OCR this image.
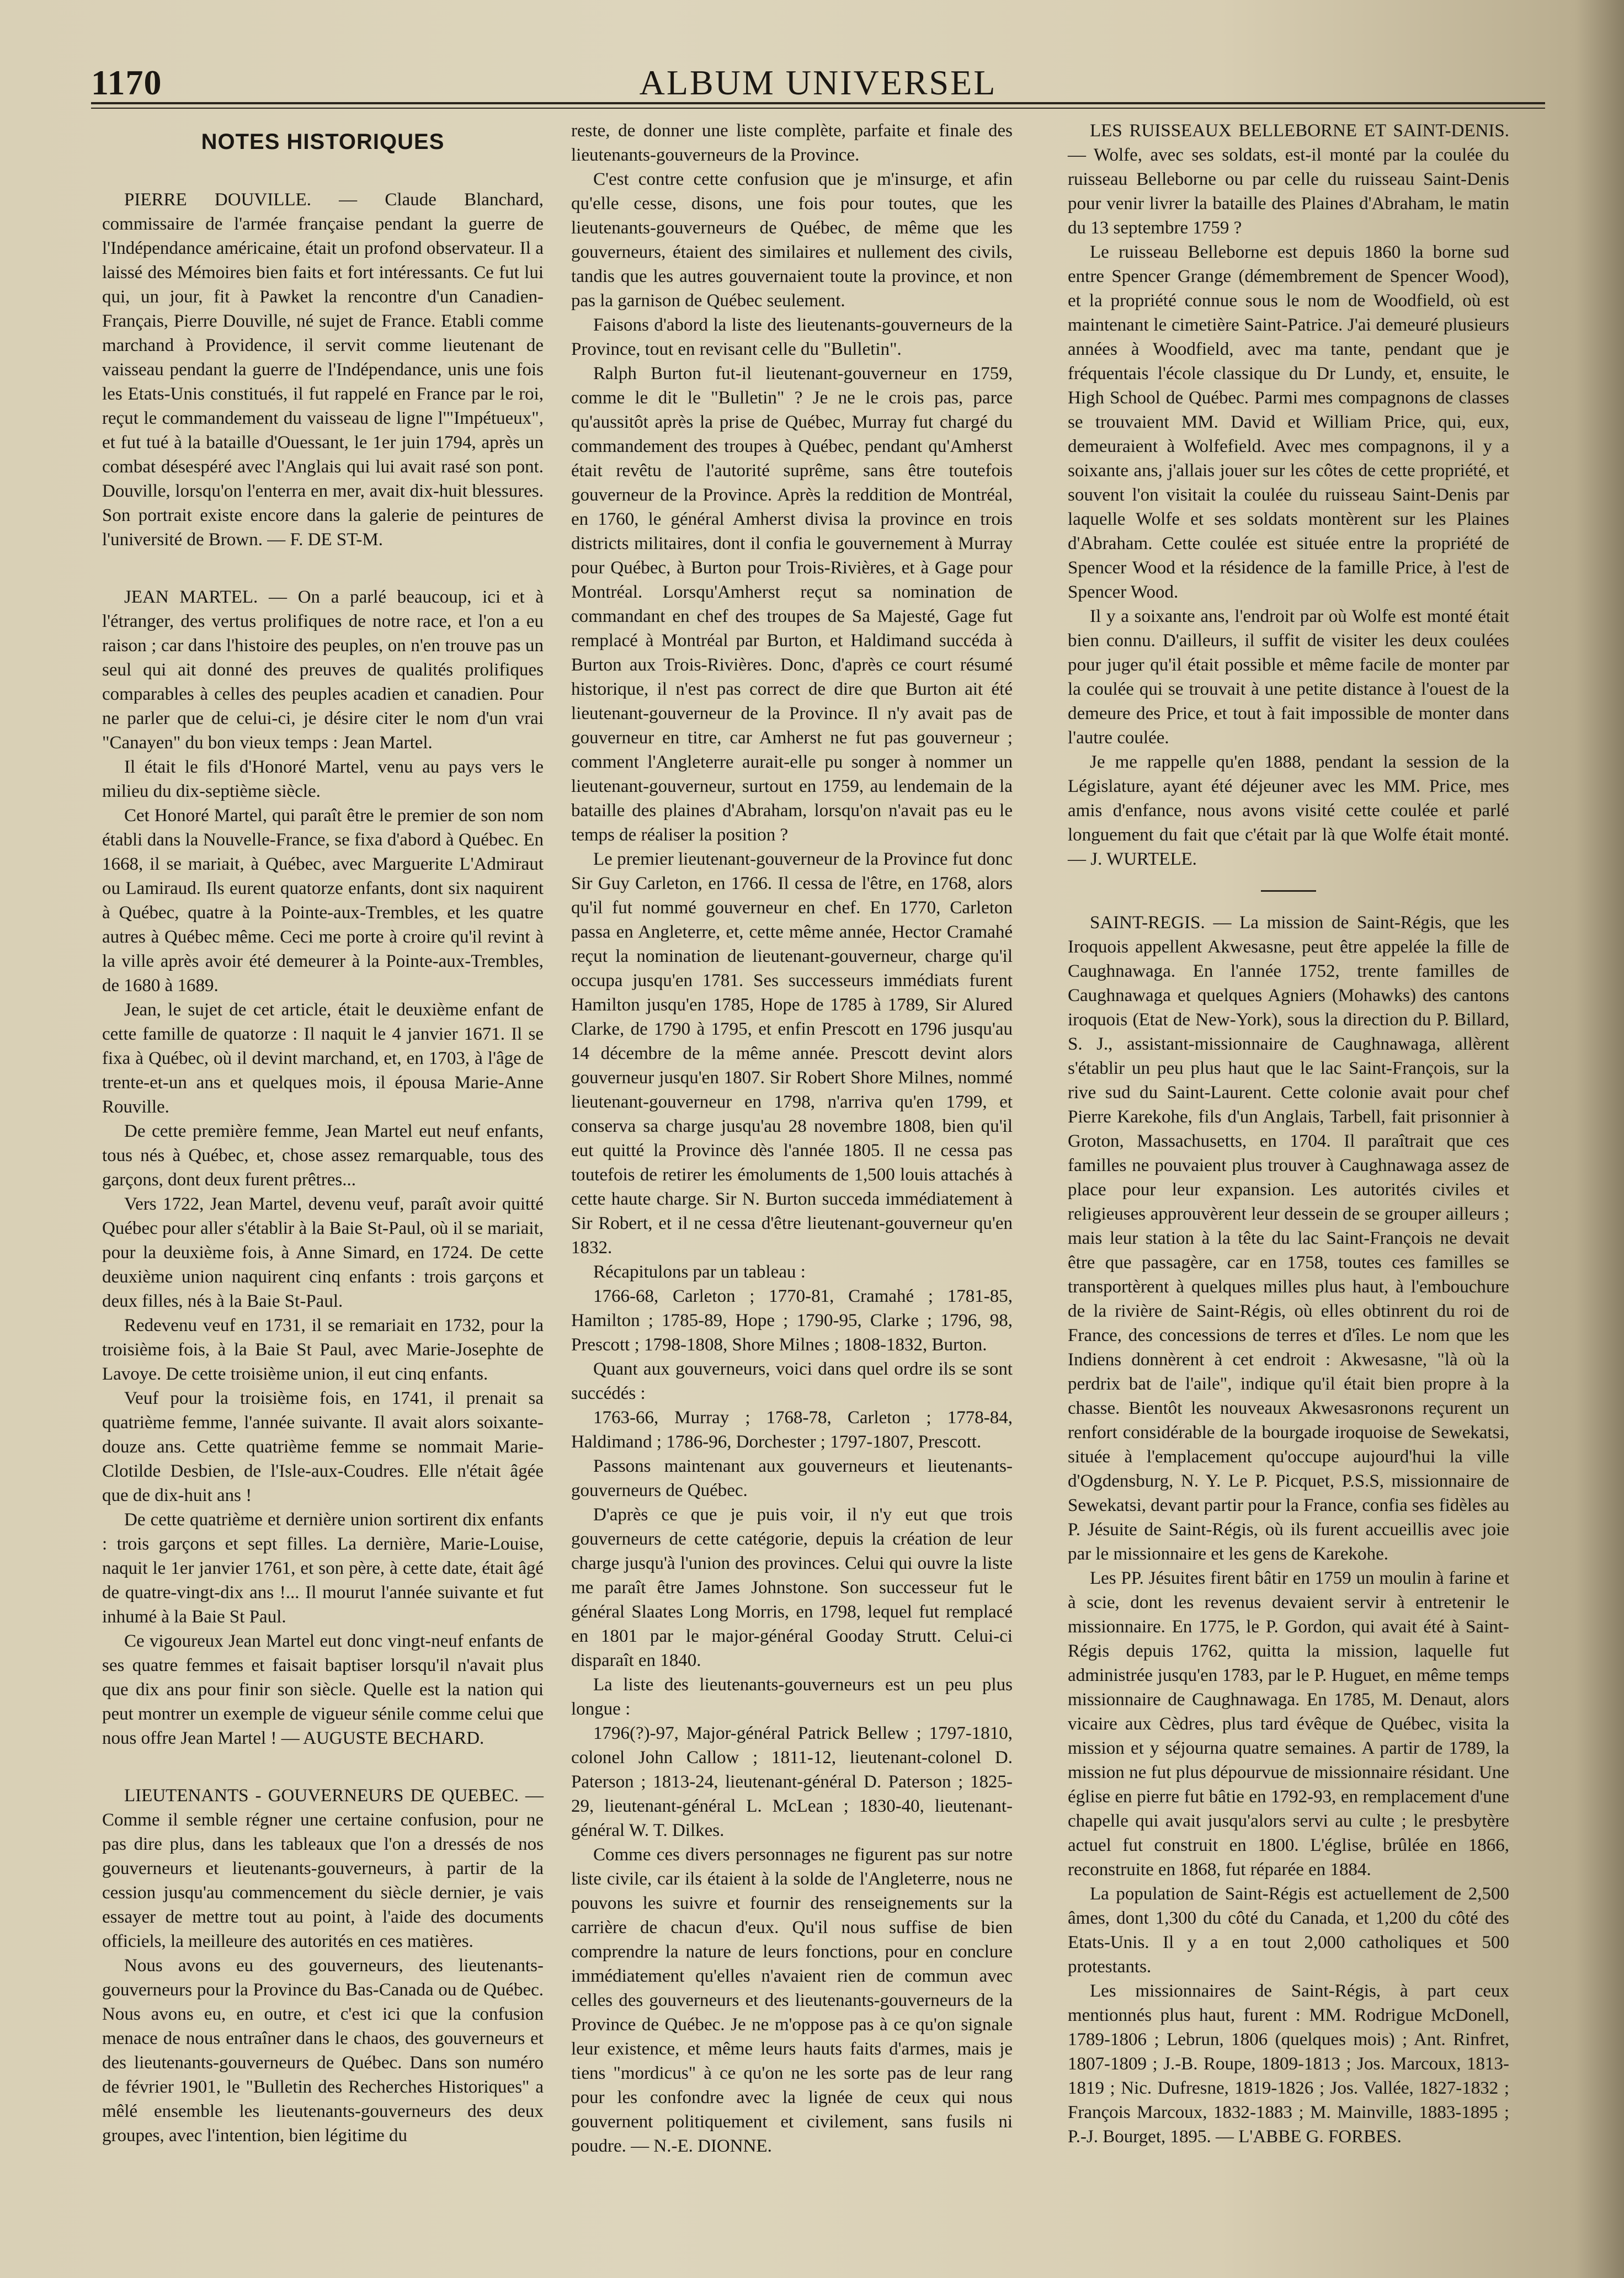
1170	ALBUM UNIVERSEL
NOTES HISTORIQUES

PIERRE DOUVILLE. — Claude Blanchard, commissaire de l'armée française pendant la guerre de l'Indépendance américaine, était un profond observateur. Il a laissé des Mémoires bien faits et fort intéressants. Ce fut lui qui, un jour, fit à Pawket la rencontre d'un Canadien-Français, Pierre Douville, né sujet de France. Etabli comme marchand à Providence, il servit comme lieutenant de vaisseau pendant la guerre de l'Indépendance, unis une fois les Etats-Unis constitués, il fut rappelé en France par le roi, reçut le commandement du vaisseau de ligne l'"Impétueux", et fut tué à la bataille d'Ouessant, le 1er juin 1794, après un combat désespéré avec l'Anglais qui lui avait rasé son pont. Douville, lorsqu'on l'enterra en mer, avait dix-huit blessures. Son portrait existe encore dans la galerie de peintures de l'université de Brown. — F. DE ST-M.

JEAN MARTEL. — On a parlé beaucoup, ici et à l'étranger, des vertus prolifiques de notre race, et l'on a eu raison ; car dans l'histoire des peuples, on n'en trouve pas un seul qui ait donné des preuves de qualités prolifiques comparables à celles des peuples acadien et canadien. Pour ne parler que de celui-ci, je désire citer le nom d'un vrai "Canayen" du bon vieux temps : Jean Martel.

Il était le fils d'Honoré Martel, venu au pays vers le milieu du dix-septième siècle.

Cet Honoré Martel, qui paraît être le premier de son nom établi dans la Nouvelle-France, se fixa d'abord à Québec. En 1668, il se mariait, à Québec, avec Marguerite L'Admiraut ou Lamiraud. Ils eurent quatorze enfants, dont six naquirent à Québec, quatre à la Pointe-aux-Trembles, et les quatre autres à Québec même. Ceci me porte à croire qu'il revint à la ville après avoir été demeurer à la Pointe-aux-Trembles, de 1680 à 1689.

Jean, le sujet de cet article, était le deuxième enfant de cette famille de quatorze : Il naquit le 4 janvier 1671. Il se fixa à Québec, où il devint marchand, et, en 1703, à l'âge de trente-et-un ans et quelques mois, il épousa Marie-Anne Rouville.

De cette première femme, Jean Martel eut neuf enfants, tous nés à Québec, et, chose assez remarquable, tous des garçons, dont deux furent prêtres...

Vers 1722, Jean Martel, devenu veuf, paraît avoir quitté Québec pour aller s'établir à la Baie St-Paul, où il se mariait, pour la deuxième fois, à Anne Simard, en 1724. De cette deuxième union naquirent cinq enfants : trois garçons et deux filles, nés à la Baie St-Paul.

Redevenu veuf en 1731, il se remariait en 1732, pour la troisième fois, à la Baie St Paul, avec Marie-Josephte de Lavoye. De cette troisième union, il eut cinq enfants.

Veuf pour la troisième fois, en 1741, il prenait sa quatrième femme, l'année suivante. Il avait alors soixante-douze ans. Cette quatrième femme se nommait Marie-Clotilde Desbien, de l'Isle-aux-Coudres. Elle n'était âgée que de dix-huit ans !

De cette quatrième et dernière union sortirent dix enfants : trois garçons et sept filles. La dernière, Marie-Louise, naquit le 1er janvier 1761, et son père, à cette date, était âgé de quatre-vingt-dix ans !... Il mourut l'année suivante et fut inhumé à la Baie St Paul.

Ce vigoureux Jean Martel eut donc vingt-neuf enfants de ses quatre femmes et faisait baptiser lorsqu'il n'avait plus que dix ans pour finir son siècle. Quelle est la nation qui peut montrer un exemple de vigueur sénile comme celui que nous offre Jean Martel ! — AUGUSTE BECHARD.

LIEUTENANTS - GOUVERNEURS DE QUEBEC. — Comme il semble régner une certaine confusion, pour ne pas dire plus, dans les tableaux que l'on a dressés de nos gouverneurs et lieutenants-gouverneurs, à partir de la cession jusqu'au commencement du siècle dernier, je vais essayer de mettre tout au point, à l'aide des documents officiels, la meilleure des autorités en ces matières.

Nous avons eu des gouverneurs, des lieutenants-gouverneurs pour la Province du Bas-Canada ou de Québec. Nous avons eu, en outre, et c'est ici que la confusion menace de nous entraîner dans le chaos, des gouverneurs et des lieutenants-gouverneurs de Québec. Dans son numéro de février 1901, le "Bulletin des Recherches Historiques" a mêlé ensemble les lieutenants-gouverneurs des deux groupes, avec l'intention, bien légitime du

reste, de donner une liste complète, parfaite et finale des lieutenants-gouverneurs de la Province.

C'est contre cette confusion que je m'insurge, et afin qu'elle cesse, disons, une fois pour toutes, que les lieutenants-gouverneurs de Québec, de même que les gouverneurs, étaient des similaires et nullement des civils, tandis que les autres gouvernaient toute la province, et non pas la garnison de Québec seulement.

Faisons d'abord la liste des lieutenants-gouverneurs de la Province, tout en revisant celle du "Bulletin".

Ralph Burton fut-il lieutenant-gouverneur en 1759, comme le dit le "Bulletin" ? Je ne le crois pas, parce qu'aussitôt après la prise de Québec, Murray fut chargé du commandement des troupes à Québec, pendant qu'Amherst était revêtu de l'autorité suprême, sans être toutefois gouverneur de la Province. Après la reddition de Montréal, en 1760, le général Amherst divisa la province en trois districts militaires, dont il confia le gouvernement à Murray pour Québec, à Burton pour Trois-Rivières, et à Gage pour Montréal. Lorsqu'Amherst reçut sa nomination de commandant en chef des troupes de Sa Majesté, Gage fut remplacé à Montréal par Burton, et Haldimand succéda à Burton aux Trois-Rivières. Donc, d'après ce court résumé historique, il n'est pas correct de dire que Burton ait été lieutenant-gouverneur de la Province. Il n'y avait pas de gouverneur en titre, car Amherst ne fut pas gouverneur ; comment l'Angleterre aurait-elle pu songer à nommer un lieutenant-gouverneur, surtout en 1759, au lendemain de la bataille des plaines d'Abraham, lorsqu'on n'avait pas eu le temps de réaliser la position ?

Le premier lieutenant-gouverneur de la Province fut donc Sir Guy Carleton, en 1766. Il cessa de l'être, en 1768, alors qu'il fut nommé gouverneur en chef. En 1770, Carleton passa en Angleterre, et, cette même année, Hector Cramahé reçut la nomination de lieutenant-gouverneur, charge qu'il occupa jusqu'en 1781. Ses successeurs immédiats furent Hamilton jusqu'en 1785, Hope de 1785 à 1789, Sir Alured Clarke, de 1790 à 1795, et enfin Prescott en 1796 jusqu'au 14 décembre de la même année. Prescott devint alors gouverneur jusqu'en 1807. Sir Robert Shore Milnes, nommé lieutenant-gouverneur en 1798, n'arriva qu'en 1799, et conserva sa charge jusqu'au 28 novembre 1808, bien qu'il eut quitté la Province dès l'année 1805. Il ne cessa pas toutefois de retirer les émoluments de 1,500 louis attachés à cette haute charge. Sir N. Burton succeda immédiatement à Sir Robert, et il ne cessa d'être lieutenant-gouverneur qu'en 1832.

Récapitulons par un tableau :

1766-68, Carleton ; 1770-81, Cramahé ; 1781-85, Hamilton ; 1785-89, Hope ; 1790-95, Clarke ; 1796, 98, Prescott ; 1798-1808, Shore Milnes ; 1808-1832, Burton.

Quant aux gouverneurs, voici dans quel ordre ils se sont succédés :

1763-66, Murray ; 1768-78, Carleton ; 1778-84, Haldimand ; 1786-96, Dorchester ; 1797-1807, Prescott.

Passons maintenant aux gouverneurs et lieutenants-gouverneurs de Québec.

D'après ce que je puis voir, il n'y eut que trois gouverneurs de cette catégorie, depuis la création de leur charge jusqu'à l'union des provinces. Celui qui ouvre la liste me paraît être James Johnstone. Son successeur fut le général Slaates Long Morris, en 1798, lequel fut remplacé en 1801 par le major-général Gooday Strutt. Celui-ci disparaît en 1840.

La liste des lieutenants-gouverneurs est un peu plus longue :

1796(?)-97, Major-général Patrick Bellew ; 1797-1810, colonel John Callow ; 1811-12, lieutenant-colonel D. Paterson ; 1813-24, lieutenant-général D. Paterson ; 1825-29, lieutenant-général L. McLean ; 1830-40, lieutenant-général W. T. Dilkes.

Comme ces divers personnages ne figurent pas sur notre liste civile, car ils étaient à la solde de l'Angleterre, nous ne pouvons les suivre et fournir des renseignements sur la carrière de chacun d'eux. Qu'il nous suffise de bien comprendre la nature de leurs fonctions, pour en conclure immédiatement qu'elles n'avaient rien de commun avec celles des gouverneurs et des lieutenants-gouverneurs de la Province de Québec. Je ne m'oppose pas à ce qu'on signale leur existence, et même leurs hauts faits d'armes, mais je tiens "mordicus" à ce qu'on ne les sorte pas de leur rang pour les confondre avec la lignée de ceux qui nous gouvernent politiquement et civilement, sans fusils ni poudre. — N.-E. DIONNE.

LES RUISSEAUX BELLEBORNE ET SAINT-DENIS. — Wolfe, avec ses soldats, est-il monté par la coulée du ruisseau Belleborne ou par celle du ruisseau Saint-Denis pour venir livrer la bataille des Plaines d'Abraham, le matin du 13 septembre 1759 ?

Le ruisseau Belleborne est depuis 1860 la borne sud entre Spencer Grange (démembrement de Spencer Wood), et la propriété connue sous le nom de Woodfield, où est maintenant le cimetière Saint-Patrice. J'ai demeuré plusieurs années à Woodfield, avec ma tante, pendant que je fréquentais l'école classique du Dr Lundy, et, ensuite, le High School de Québec. Parmi mes compagnons de classes se trouvaient MM. David et William Price, qui, eux, demeuraient à Wolfefield. Avec mes compagnons, il y a soixante ans, j'allais jouer sur les côtes de cette propriété, et souvent l'on visitait la coulée du ruisseau Saint-Denis par laquelle Wolfe et ses soldats montèrent sur les Plaines d'Abraham. Cette coulée est située entre la propriété de Spencer Wood et la résidence de la famille Price, à l'est de Spencer Wood.

Il y a soixante ans, l'endroit par où Wolfe est monté était bien connu. D'ailleurs, il suffit de visiter les deux coulées pour juger qu'il était possible et même facile de monter par la coulée qui se trouvait à une petite distance à l'ouest de la demeure des Price, et tout à fait impossible de monter dans l'autre coulée.

Je me rappelle qu'en 1888, pendant la session de la Législature, ayant été déjeuner avec les MM. Price, mes amis d'enfance, nous avons visité cette coulée et parlé longuement du fait que c'était par là que Wolfe était monté. — J. WURTELE.

SAINT-REGIS. — La mission de Saint-Régis, que les Iroquois appellent Akwesasne, peut être appelée la fille de Caughnawaga. En l'année 1752, trente familles de Caughnawaga et quelques Agniers (Mohawks) des cantons iroquois (Etat de New-York), sous la direction du P. Billard, S. J., assistant-missionnaire de Caughnawaga, allèrent s'établir un peu plus haut que le lac Saint-François, sur la rive sud du Saint-Laurent. Cette colonie avait pour chef Pierre Karekohe, fils d'un Anglais, Tarbell, fait prisonnier à Groton, Massachusetts, en 1704. Il paraîtrait que ces familles ne pouvaient plus trouver à Caughnawaga assez de place pour leur expansion. Les autorités civiles et religieuses approuvèrent leur dessein de se grouper ailleurs ; mais leur station à la tête du lac Saint-François ne devait être que passagère, car en 1758, toutes ces familles se transportèrent à quelques milles plus haut, à l'embouchure de la rivière de Saint-Régis, où elles obtinrent du roi de France, des concessions de terres et d'îles. Le nom que les Indiens donnèrent à cet endroit : Akwesasne, "là où la perdrix bat de l'aile", indique qu'il était bien propre à la chasse. Bientôt les nouveaux Akwesasronons reçurent un renfort considérable de la bourgade iroquoise de Sewekatsi, située à l'emplacement qu'occupe aujourd'hui la ville d'Ogdensburg, N. Y. Le P. Picquet, P.S.S, missionnaire de Sewekatsi, devant partir pour la France, confia ses fidèles au P. Jésuite de Saint-Régis, où ils furent accueillis avec joie par le missionnaire et les gens de Karekohe.

Les PP. Jésuites firent bâtir en 1759 un moulin à farine et à scie, dont les revenus devaient servir à entretenir le missionnaire. En 1775, le P. Gordon, qui avait été à Saint-Régis depuis 1762, quitta la mission, laquelle fut administrée jusqu'en 1783, par le P. Huguet, en même temps missionnaire de Caughnawaga. En 1785, M. Denaut, alors vicaire aux Cèdres, plus tard évêque de Québec, visita la mission et y séjourna quatre semaines. A partir de 1789, la mission ne fut plus dépourvue de missionnaire résidant. Une église en pierre fut bâtie en 1792-93, en remplacement d'une chapelle qui avait jusqu'alors servi au culte ; le presbytère actuel fut construit en 1800. L'église, brûlée en 1866, reconstruite en 1868, fut réparée en 1884.

La population de Saint-Régis est actuellement de 2,500 âmes, dont 1,300 du côté du Canada, et 1,200 du côté des Etats-Unis. Il y a en tout 2,000 catholiques et 500 protestants.

Les missionnaires de Saint-Régis, à part ceux mentionnés plus haut, furent : MM. Rodrigue McDonell, 1789-1806 ; Lebrun, 1806 (quelques mois) ; Ant. Rinfret, 1807-1809 ; J.-B. Roupe, 1809-1813 ; Jos. Marcoux, 1813-1819 ; Nic. Dufresne, 1819-1826 ; Jos. Vallée, 1827-1832 ; François Marcoux, 1832-1883 ; M. Mainville, 1883-1895 ; P.-J. Bourget, 1895. — L'ABBE G. FORBES.
